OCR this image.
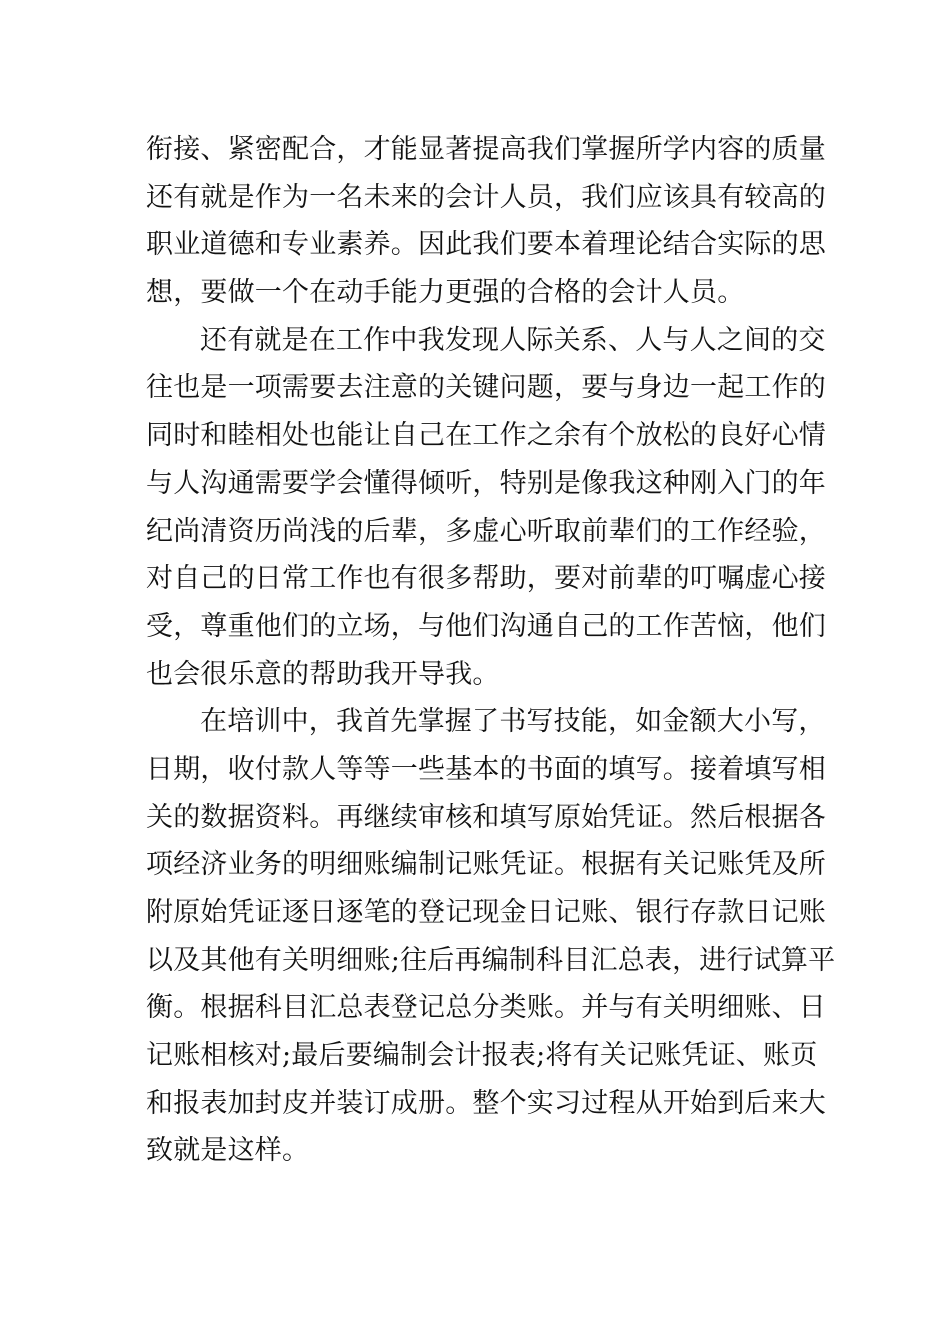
衔接、紧密配合，才能显著提高我们掌握所学内容的质量
还有就是作为一名未来的会计人员，我们应该具有较高的
职业道德和专业素养。因此我们要本着理论结合实际的思
想，要做一个在动手能力更强的合格的会计人员。
还有就是在工作中我发现人际关系、人与人之间的交
往也是一项需要去注意的关键问题，要与身边一起工作的
同时和睦相处也能让自己在工作之余有个放松的良好心情
与人沟通需要学会懂得倾听，特别是像我这种刚入门的年
纪尚清资历尚浅的后辈，多虚心听取前辈们的工作经验，
对自己的日常工作也有很多帮助，要对前辈的叮嘱虚心接
受，尊重他们的立场，与他们沟通自己的工作苦恼，他们
也会很乐意的帮助我开导我。
在培训中，我首先掌握了书写技能，如金额大小写，
日期，收付款人等等一些基本的书面的填写。接着填写相
关的数据资料。再继续审核和填写原始凭证。然后根据各
项经济业务的明细账编制记账凭证。根据有关记账凭及所
附原始凭证逐日逐笔的登记现金日记账、银行存款日记账
以及其他有关明细账;往后再编制科目汇总表，进行试算平
衡。根据科目汇总表登记总分类账。并与有关明细账、日
记账相核对;最后要编制会计报表;将有关记账凭证、账页
和报表加封皮并装订成册。整个实习过程从开始到后来大
致就是这样。
